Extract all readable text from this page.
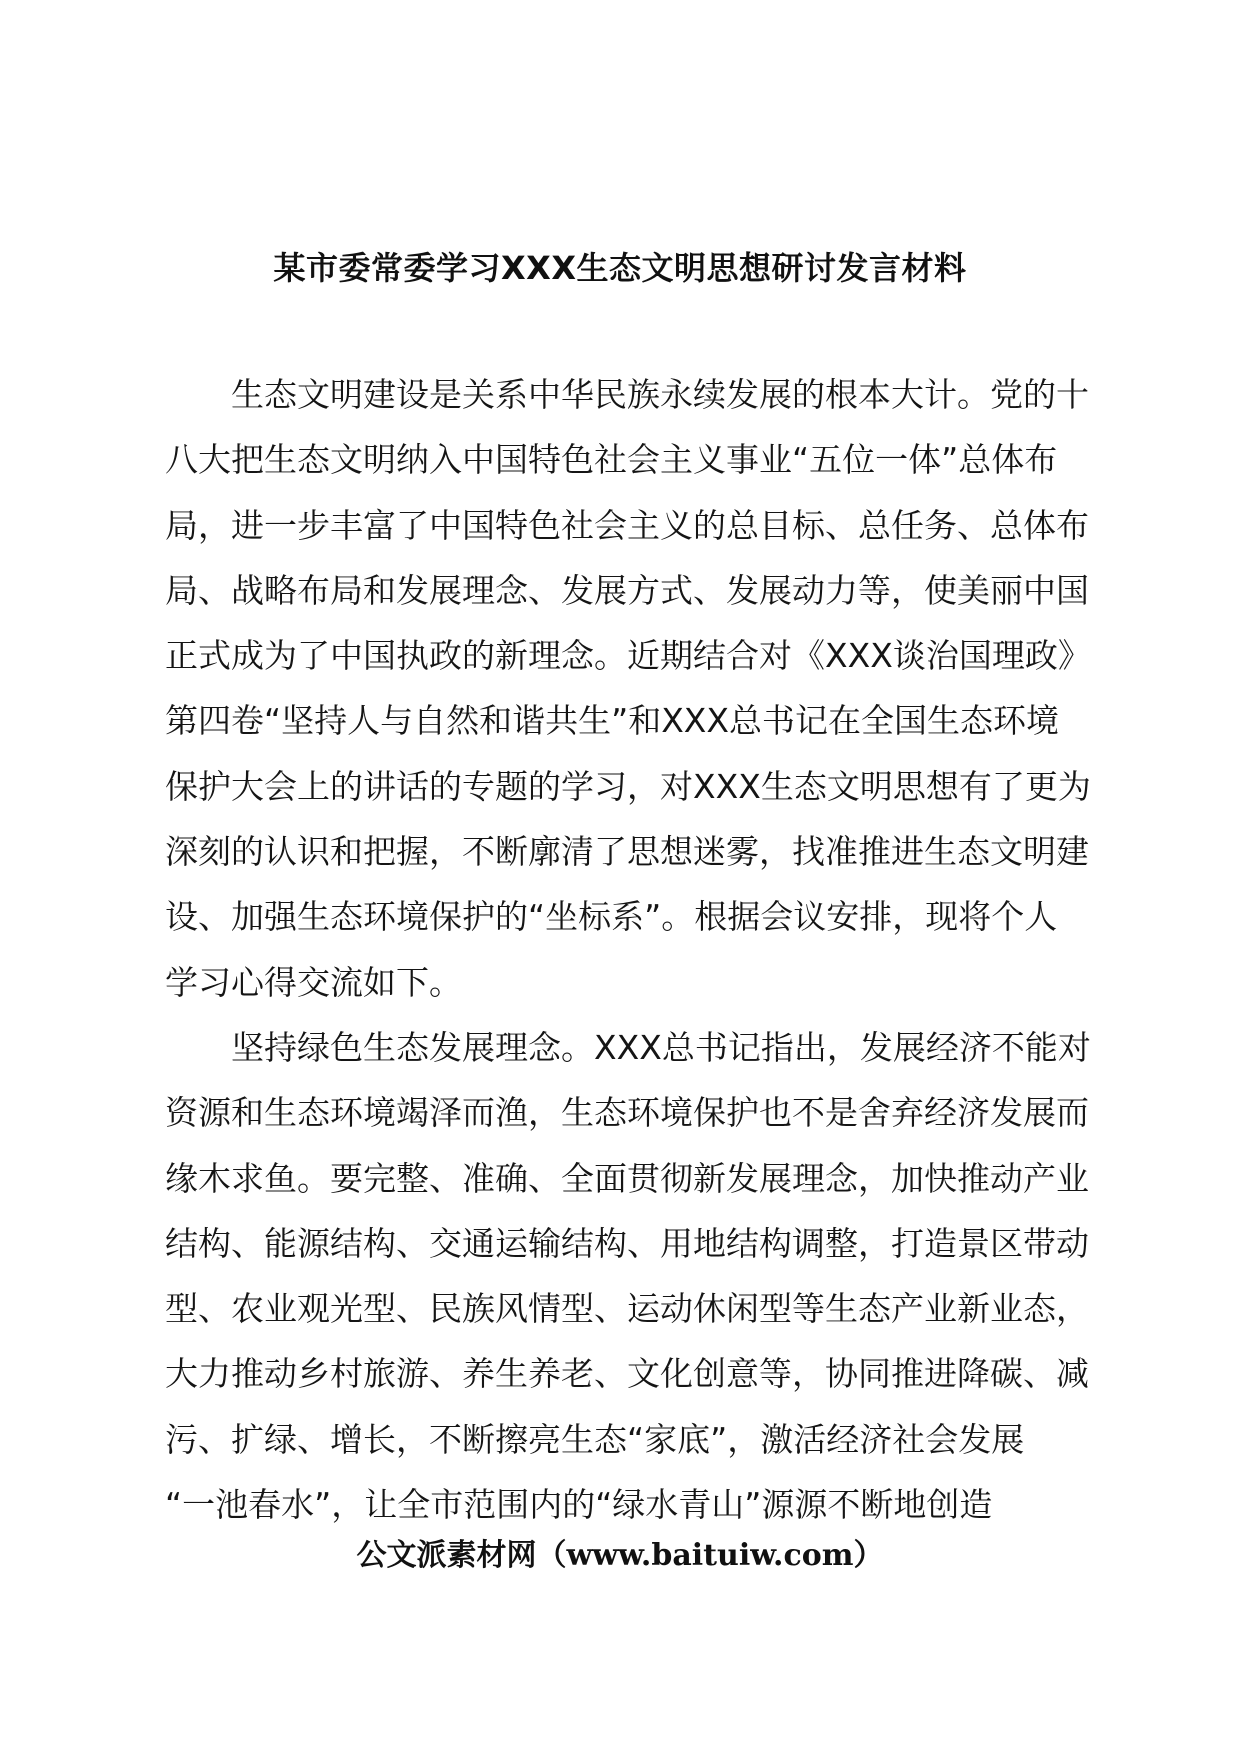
某市委常委学习XXX生态文明思想研讨发言材料
生态文明建设是关系中华民族永续发展的根本大计。党的十
八大把生态文明纳入中国特色社会主义事业“五位一体”总体布
局，进一步丰富了中国特色社会主义的总目标、总任务、总体布
局、战略布局和发展理念、发展方式、发展动力等，使美丽中国
正式成为了中国执政的新理念。近期结合对《XXX谈治国理政》
第四卷“坚持人与自然和谐共生”和XXX总书记在全国生态环境
保护大会上的讲话的专题的学习，对XXX生态文明思想有了更为
深刻的认识和把握，不断廓清了思想迷雾，找准推进生态文明建
设、加强生态环境保护的“坐标系”。根据会议安排，现将个人
学习心得交流如下。
坚持绿色生态发展理念。XXX总书记指出，发展经济不能对
资源和生态环境竭泽而渔，生态环境保护也不是舍弃经济发展而
缘木求鱼。要完整、准确、全面贯彻新发展理念，加快推动产业
结构、能源结构、交通运输结构、用地结构调整，打造景区带动
型、农业观光型、民族风情型、运动休闲型等生态产业新业态，
大力推动乡村旅游、养生养老、文化创意等，协同推进降碳、减
污、扩绿、增长，不断擦亮生态“家底”，激活经济社会发展
“一池春水”，让全市范围内的“绿水青山”源源不断地创造
公文派素材网（www.baituiw.com）
